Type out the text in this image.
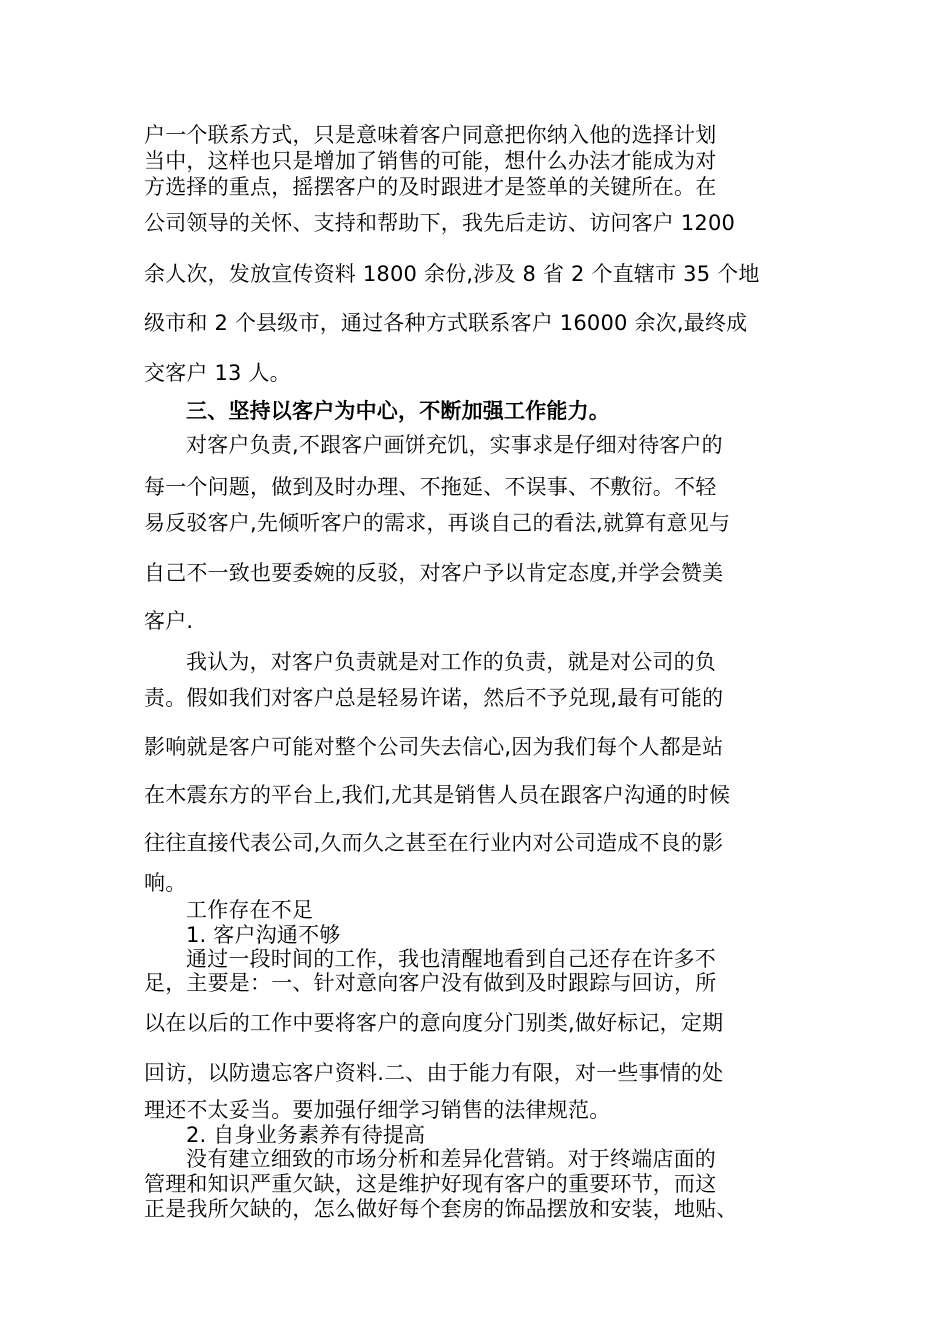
户一个联系方式，只是意味着客户同意把你纳入他的选择计划
当中，这样也只是增加了销售的可能，想什么办法才能成为对
方选择的重点，摇摆客户的及时跟进才是签单的关键所在。在
公司领导的关怀、支持和帮助下，我先后走访、访问客户 1200
余人次，发放宣传资料 1800 余份,涉及 8 省 2 个直辖市 35 个地
级市和 2 个县级市，通过各种方式联系客户 16000 余次,最终成
交客户 13 人。
三、坚持以客户为中心，不断加强工作能力。
对客户负责,不跟客户画饼充饥，实事求是仔细对待客户的
每一个问题，做到及时办理、不拖延、不误事、不敷衍。不轻
易反驳客户,先倾听客户的需求，再谈自己的看法,就算有意见与
自己不一致也要委婉的反驳，对客户予以肯定态度,并学会赞美
客户.
我认为，对客户负责就是对工作的负责，就是对公司的负
责。假如我们对客户总是轻易许诺，然后不予兑现,最有可能的
影响就是客户可能对整个公司失去信心,因为我们每个人都是站
在木震东方的平台上,我们,尤其是销售人员在跟客户沟通的时候
往往直接代表公司,久而久之甚至在行业内对公司造成不良的影
响。
工作存在不足
1. 客户沟通不够
通过一段时间的工作，我也清醒地看到自己还存在许多不
足，主要是：一、针对意向客户没有做到及时跟踪与回访，所
以在以后的工作中要将客户的意向度分门别类,做好标记，定期
回访，以防遗忘客户资料.二、由于能力有限，对一些事情的处
理还不太妥当。要加强仔细学习销售的法律规范。
2. 自身业务素养有待提高
没有建立细致的市场分析和差异化营销。对于终端店面的
管理和知识严重欠缺，这是维护好现有客户的重要环节，而这
正是我所欠缺的，怎么做好每个套房的饰品摆放和安装，地贴、
